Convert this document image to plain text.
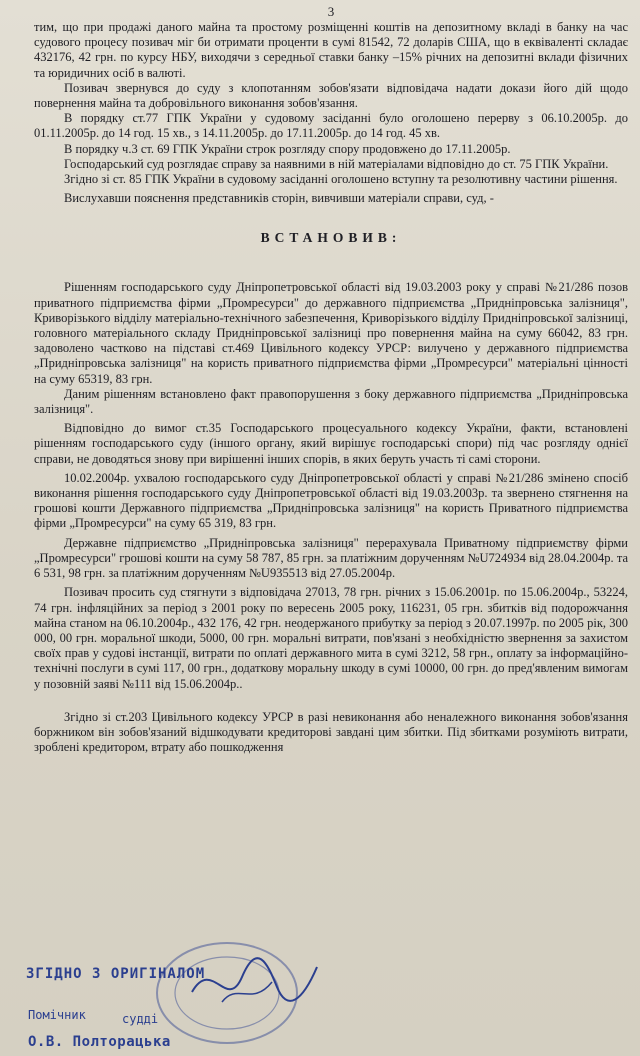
3

тим, що при продажі даного майна та простому розміщенні коштів на депозитному вкладі в банку на час судового процесу позивач міг би отримати проценти в сумі 81542, 72 доларів США, що в еквіваленті складає 432176, 42 грн. по курсу НБУ, виходячи з середньої ставки банку –15% річних на депозитні вклади фізичних та юридичних осіб в валюті.

Позивач звернувся до суду з клопотанням зобов'язати відповідача надати докази його дій щодо повернення майна та добровільного виконання зобов'язання.

В порядку ст.77 ГПК України у судовому засіданні було оголошено перерву з 06.10.2005р. до 01.11.2005р. до 14 год. 15 хв., з 14.11.2005р. до 17.11.2005р. до 14 год. 45 хв.

В порядку ч.3 ст. 69 ГПК України строк розгляду спору продовжено до 17.11.2005р.

Господарський суд розглядає справу за наявними в ній матеріалами відповідно до ст. 75 ГПК України.

Згідно зі ст. 85 ГПК України в судовому засіданні оголошено вступну та резолютивну частини рішення.

Вислухавши пояснення представників сторін, вивчивши матеріали справи, суд, -

ВСТАНОВИВ:

Рішенням господарського суду Дніпропетровської області від 19.03.2003 року у справі №21/286 позов приватного підприємства фірми „Промресурси" до державного підприємства „Придніпровська залізниця", Криворізького відділу матеріально-технічного забезпечення, Криворізького відділу Придніпровської залізниці, головного матеріального складу Придніпровської залізниці про повернення майна на суму 66042, 83 грн. задоволено частково на підставі ст.469 Цивільного кодексу УРСР: вилучено у державного підприємства „Придніпровська залізниця" на користь приватного підприємства фірми „Промресурси" матеріальні цінності на суму 65319, 83 грн.

Даним рішенням встановлено факт правопорушення з боку державного підприємства „Придніпровська залізниця".

Відповідно до вимог ст.35 Господарського процесуального кодексу України, факти, встановлені рішенням господарського суду (іншого органу, який вирішує господарські спори) під час розгляду однієї справи, не доводяться знову при вирішенні інших спорів, в яких беруть участь ті самі сторони.

10.02.2004р. ухвалою господарського суду Дніпропетровської області у справі №21/286 змінено спосіб виконання рішення господарського суду Дніпропетровської області від 19.03.2003р. та звернено стягнення на грошові кошти Державного підприємства „Придніпровська залізниця" на користь Приватного підприємства фірми „Промресурси" на суму 65 319, 83 грн.

Державне підприємство „Придніпровська залізниця" перерахувала Приватному підприємству фірми „Промресурси" грошові кошти на суму 58 787, 85 грн. за платіжним дорученням №U724934 від 28.04.2004р. та 6 531, 98 грн. за платіжним дорученням №U935513 від 27.05.2004р.

Позивач просить суд стягнути з відповідача 27013, 78 грн. річних з 15.06.2001р. по 15.06.2004р., 53224, 74 грн. інфляційних за період з 2001 року по вересень 2005 року, 116231, 05 грн. збитків від подорожчання майна станом на 06.10.2004р., 432 176, 42 грн. неодержаного прибутку за період з 20.07.1997р. по 2005 рік, 300 000, 00 грн. моральної шкоди, 5000, 00 грн. моральні витрати, пов'язані з необхідністю звернення за захистом своїх прав у судові інстанції, витрати по оплаті державного мита в сумі 3212, 58 грн., оплату за інформаційно-технічні послуги в сумі 117, 00 грн., додаткову моральну шкоду в сумі 10000, 00 грн. до пред'явленим вимогам у позовній заяві №111 від 15.06.2004р..

Згідно зі ст.203 Цивільного кодексу УРСР в разі невиконання або неналежного виконання зобов'язання боржником він зобов'язаний відшкодувати кредиторові завдані цим збитки. Під збитками розуміють витрати, зроблені кредитором, втрату або пошкодження

ЗГІДНО З ОРИГІНАЛОМ
Помічник	судді
О.В. Полторацька
